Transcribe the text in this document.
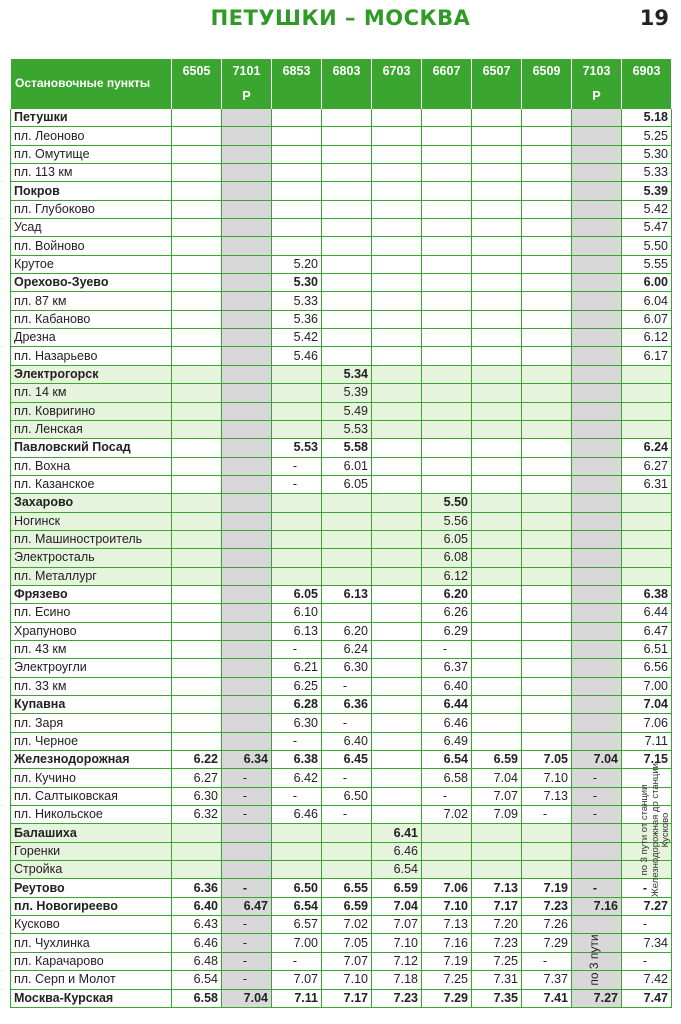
ПЕТУШКИ – МОСКВА	19
Остановочные пункты	6505	7101	6853	6803	6703	6607	6507	6509	7103	6903
		Р							Р	
Петушки										5.18
пл. Леоново										5.25
пл. Омутище										5.30
пл. 113 км										5.33
Покров										5.39
пл. Глубоково										5.42
Усад										5.47
пл. Войново										5.50
Крутое			5.20							5.55
Орехово-Зуево			5.30							6.00
пл. 87 км			5.33							6.04
пл. Кабаново			5.36							6.07
Дрезна			5.42							6.12
пл. Назарьево			5.46							6.17
Электрогорск				5.34						
пл. 14 км				5.39						
пл. Ковригино				5.49						
пл. Ленская				5.53						
Павловский Посад			5.53	5.58						6.24
пл. Вохна			-	6.01						6.27
пл. Казанское			-	6.05						6.31
Захарово						5.50				
Ногинск						5.56				
пл. Машиностроитель						6.05				
Электросталь						6.08				
пл. Металлург						6.12				
Фрязево			6.05	6.13		6.20				6.38
пл. Есино			6.10			6.26				6.44
Храпуново			6.13	6.20		6.29				6.47
пл. 43 км			-	6.24		-				6.51
Электроугли			6.21	6.30		6.37				6.56
пл. 33 км			6.25	-		6.40				7.00
Купавна			6.28	6.36		6.44				7.04
пл. Заря			6.30	-		6.46				7.06
пл. Черное			-	6.40		6.49				7.11
Железнодорожная	6.22	6.34	6.38	6.45		6.54	6.59	7.05	7.04	7.15
пл. Кучино	6.27	-	6.42	-		6.58	7.04	7.10	-	
пл. Салтыковская	6.30	-	-	6.50		-	7.07	7.13	-	
пл. Никольское	6.32	-	6.46	-		7.02	7.09	-	-	
Балашиха					6.41					
Горенки					6.46					
Стройка					6.54					
Реутово	6.36	-	6.50	6.55	6.59	7.06	7.13	7.19	-	-
пл. Новогиреево	6.40	6.47	6.54	6.59	7.04	7.10	7.17	7.23	7.16	7.27
Кусково	6.43	-	6.57	7.02	7.07	7.13	7.20	7.26		-
пл. Чухлинка	6.46	-	7.00	7.05	7.10	7.16	7.23	7.29		7.34
пл. Карачарово	6.48	-	-	7.07	7.12	7.19	7.25	-		-
пл. Серп и Молот	6.54	-	7.07	7.10	7.18	7.25	7.31	7.37		7.42
Москва-Курская	6.58	7.04	7.11	7.17	7.23	7.29	7.35	7.41	7.27	7.47
по 3 пути от станции Железнодорожная до станции Кусково
по 3 пути
